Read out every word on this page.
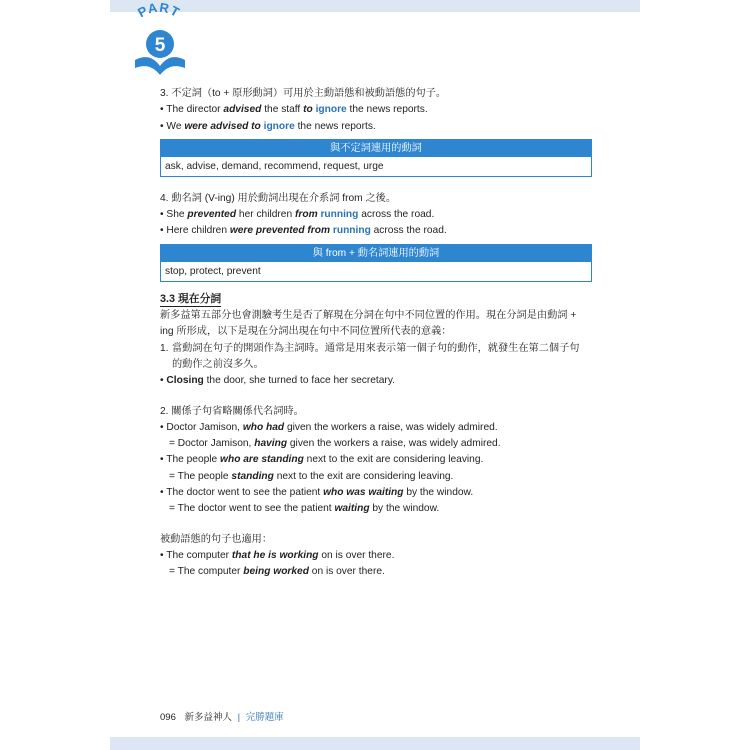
PART
5
3. 不定詞（to + 原形動詞）可用於主動語態和被動語態的句子。
• The director advised the staff to ignore the news reports.
• We were advised to ignore the news reports.
與不定詞連用的動詞
ask, advise, demand, recommend, request, urge
4. 動名詞 (V-ing) 用於動詞出現在介系詞 from 之後。
• She prevented her children from running across the road.
• Here children were prevented from running across the road.
與 from + 動名詞連用的動詞
stop, protect, prevent
3.3 現在分詞
新多益第五部分也會測驗考生是否了解現在分詞在句中不同位置的作用。現在分詞是由動詞 +
ing 所形成，以下是現在分詞出現在句中不同位置所代表的意義：
1. 當動詞在句子的開頭作為主詞時。通常是用來表示第一個子句的動作，就發生在第二個子句
的動作之前沒多久。
• Closing the door, she turned to face her secretary.
2. 關係子句省略關係代名詞時。
• Doctor Jamison, who had given the workers a raise, was widely admired.
= Doctor Jamison, having given the workers a raise, was widely admired.
• The people who are standing next to the exit are considering leaving.
= The people standing next to the exit are considering leaving.
• The doctor went to see the patient who was waiting by the window.
= The doctor went to see the patient waiting by the window.
被動語態的句子也適用：
• The computer that he is working on is over there.
= The computer being worked on is over there.
096 新多益神人 | 完勝題庫
